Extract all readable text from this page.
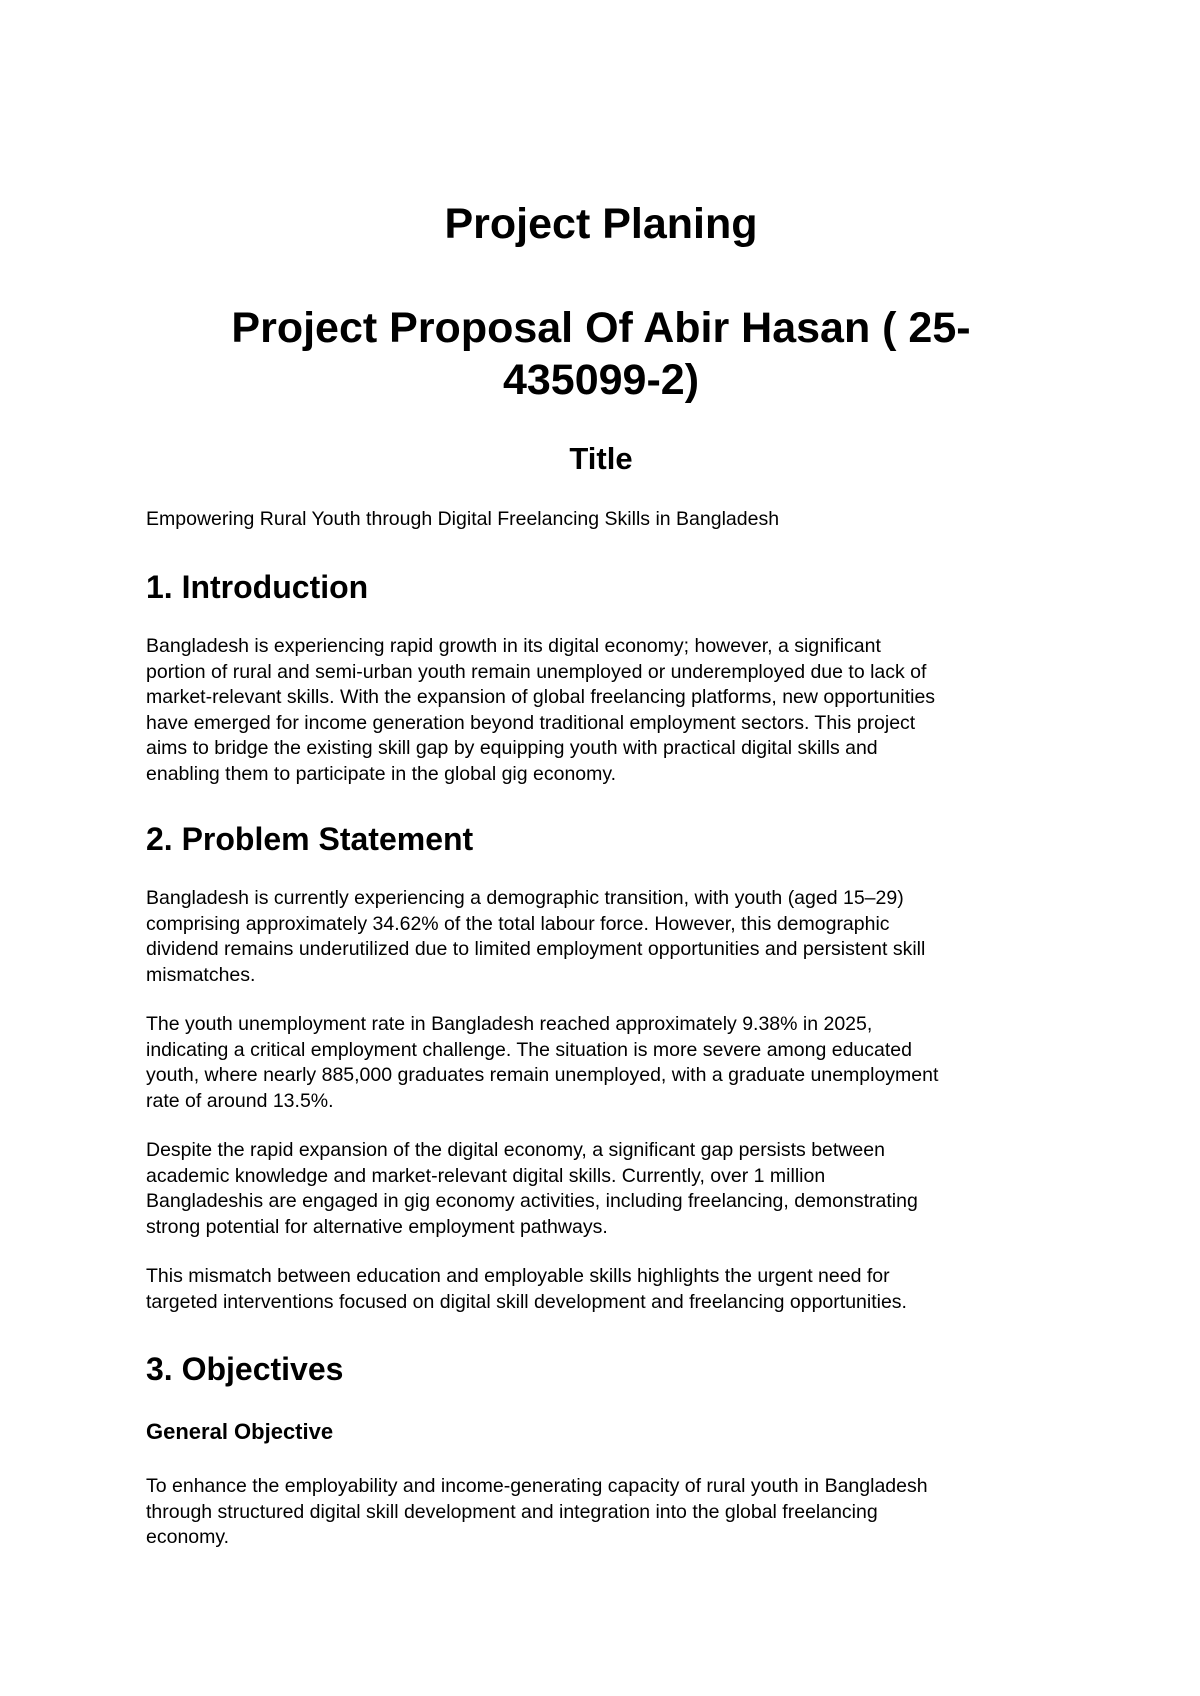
Project Planing
Project Proposal Of Abir Hasan ( 25-
435099-2)
Title

Empowering Rural Youth through Digital Freelancing Skills in Bangladesh

1. Introduction

Bangladesh is experiencing rapid growth in its digital economy; however, a significant
portion of rural and semi-urban youth remain unemployed or underemployed due to lack of
market-relevant skills. With the expansion of global freelancing platforms, new opportunities
have emerged for income generation beyond traditional employment sectors. This project
aims to bridge the existing skill gap by equipping youth with practical digital skills and
enabling them to participate in the global gig economy.

2. Problem Statement

Bangladesh is currently experiencing a demographic transition, with youth (aged 15–29)
comprising approximately 34.62% of the total labour force. However, this demographic
dividend remains underutilized due to limited employment opportunities and persistent skill
mismatches.

The youth unemployment rate in Bangladesh reached approximately 9.38% in 2025,
indicating a critical employment challenge. The situation is more severe among educated
youth, where nearly 885,000 graduates remain unemployed, with a graduate unemployment
rate of around 13.5%.

Despite the rapid expansion of the digital economy, a significant gap persists between
academic knowledge and market-relevant digital skills. Currently, over 1 million
Bangladeshis are engaged in gig economy activities, including freelancing, demonstrating
strong potential for alternative employment pathways.

This mismatch between education and employable skills highlights the urgent need for
targeted interventions focused on digital skill development and freelancing opportunities.

3. Objectives
General Objective

To enhance the employability and income-generating capacity of rural youth in Bangladesh
through structured digital skill development and integration into the global freelancing
economy.
